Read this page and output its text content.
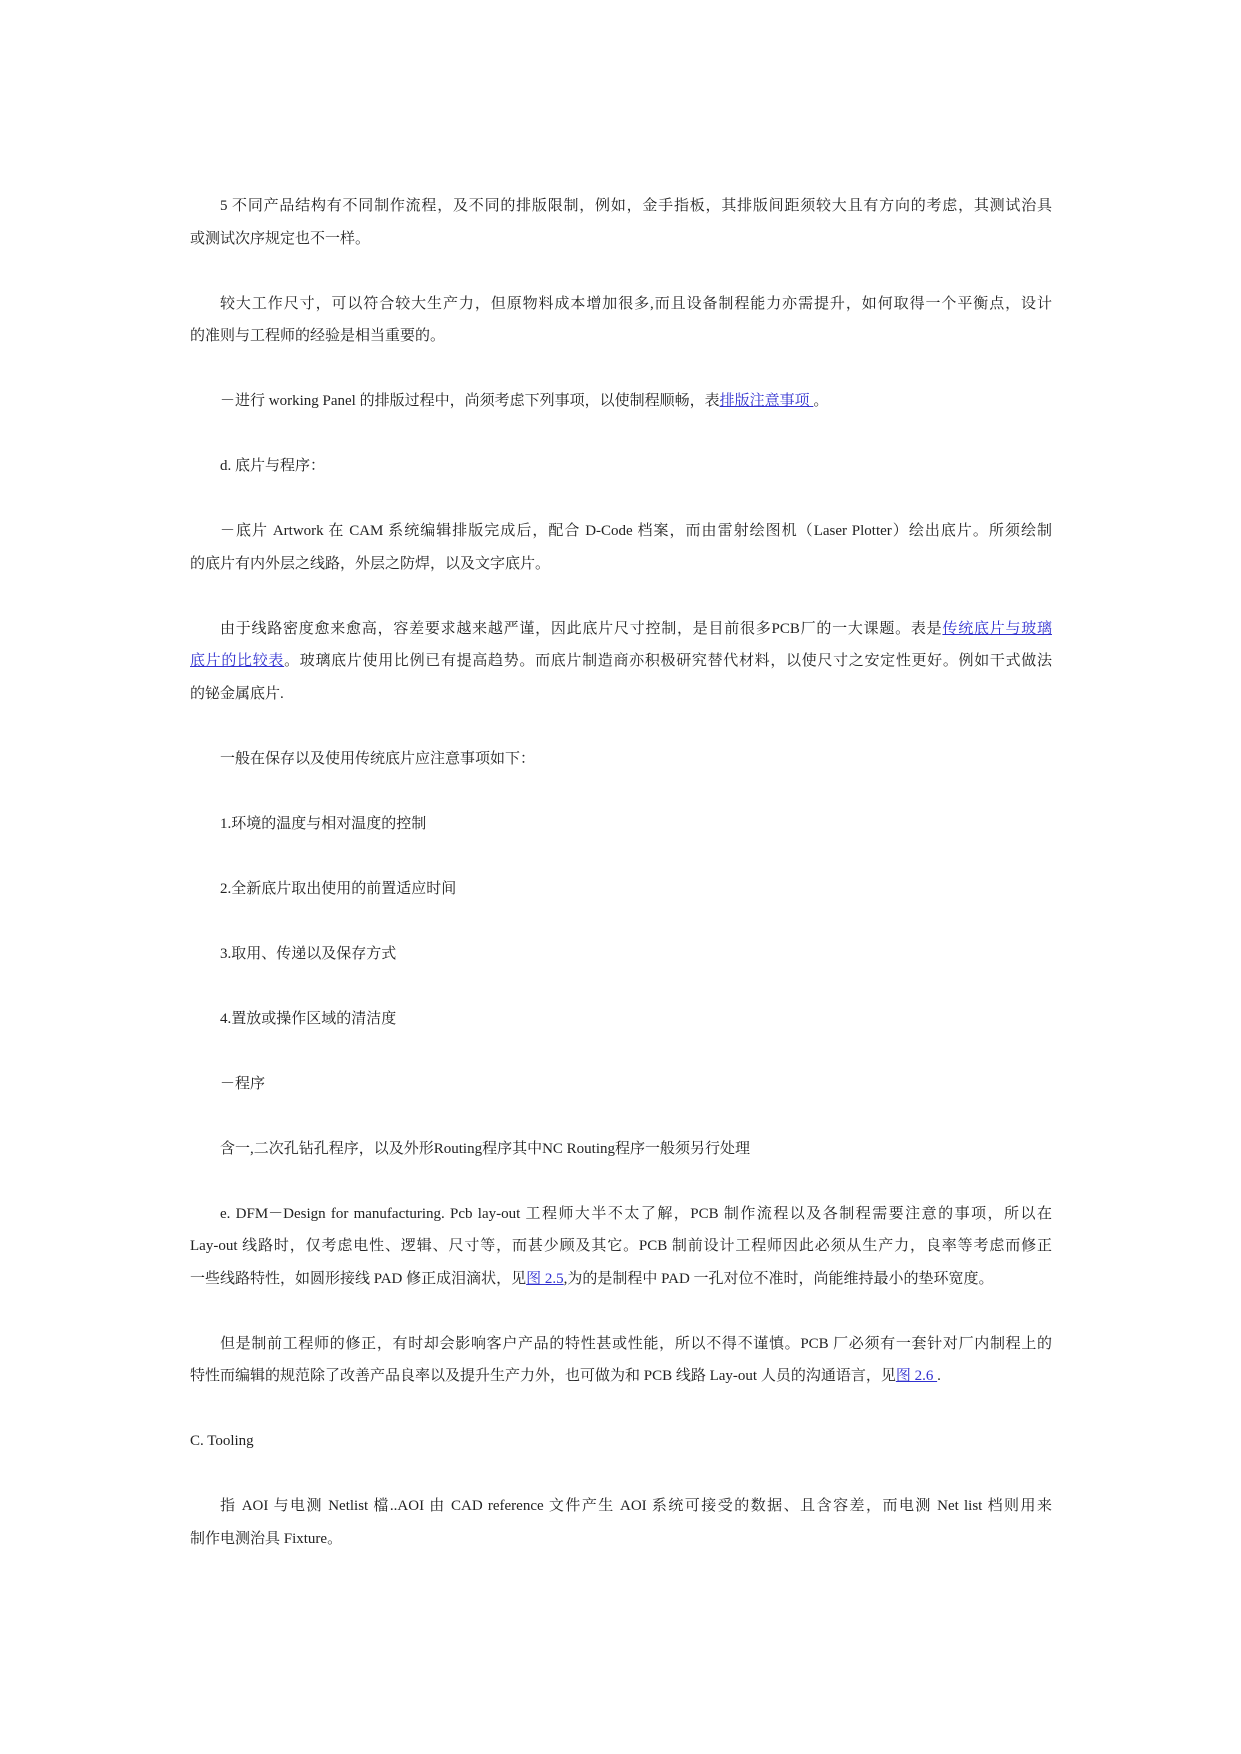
5 不同产品结构有不同制作流程，及不同的排版限制，例如，金手指板，其排版间距须较大且有方向的考虑，其测试治具
或测试次序规定也不一样。
较大工作尺寸，可以符合较大生产力，但原物料成本增加很多,而且设备制程能力亦需提升，如何取得一个平衡点，设计
的准则与工程师的经验是相当重要的。
－进行 working Panel 的排版过程中，尚须考虑下列事项，以使制程顺畅，表排版注意事项 。
d. 底片与程序：
－底片 Artwork 在 CAM 系统编辑排版完成后，配合 D-Code 档案，而由雷射绘图机（Laser Plotter）绘出底片。所须绘制
的底片有内外层之线路，外层之防焊，以及文字底片。
由于线路密度愈来愈高，容差要求越来越严谨，因此底片尺寸控制，是目前很多PCB厂的一大课题。表是传统底片与玻璃
底片的比较表。玻璃底片使用比例已有提高趋势。而底片制造商亦积极研究替代材料，以使尺寸之安定性更好。例如干式做法
的铋金属底片.
一般在保存以及使用传统底片应注意事项如下：
1.环境的温度与相对温度的控制
2.全新底片取出使用的前置适应时间
3.取用、传递以及保存方式
4.置放或操作区域的清洁度
－程序
含一,二次孔钻孔程序，以及外形Routing程序其中NC Routing程序一般须另行处理
e. DFM－Design for manufacturing. Pcb lay-out 工程师大半不太了解，PCB 制作流程以及各制程需要注意的事项，所以在
Lay-out 线路时，仅考虑电性、逻辑、尺寸等，而甚少顾及其它。PCB 制前设计工程师因此必须从生产力，良率等考虑而修正
一些线路特性，如圆形接线 PAD 修正成泪滴状，见图 2.5,为的是制程中 PAD 一孔对位不准时，尚能维持最小的垫环宽度。
但是制前工程师的修正，有时却会影响客户产品的特性甚或性能，所以不得不谨慎。PCB 厂必须有一套针对厂内制程上的
特性而编辑的规范除了改善产品良率以及提升生产力外，也可做为和 PCB 线路 Lay-out 人员的沟通语言，见图 2.6 .
C. Tooling
指 AOI 与电测 Netlist 檔..AOI 由 CAD reference 文件产生 AOI 系统可接受的数据、且含容差，而电测 Net list 档则用来
制作电测治具 Fixture。
